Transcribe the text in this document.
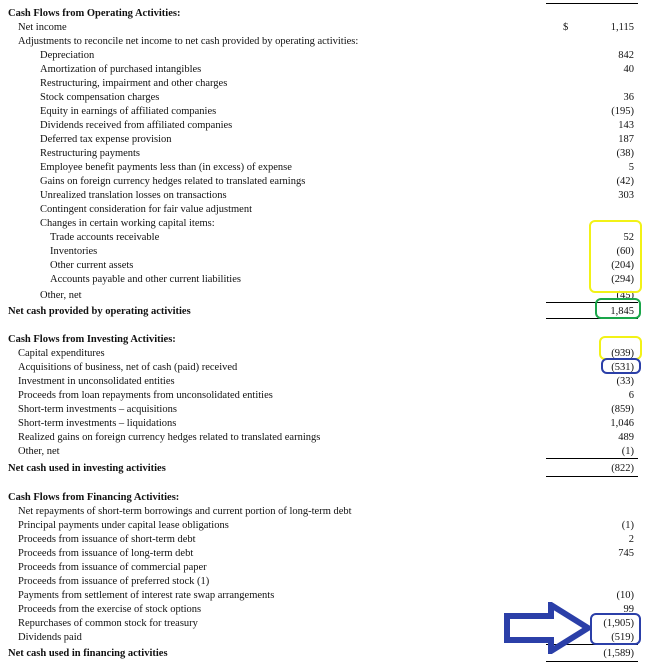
Cash Flows from Operating Activities:
Net income	$	1,115
Adjustments to reconcile net income to net cash provided by operating activities:
Depreciation	842
Amortization of purchased intangibles	40
Restructuring, impairment and other charges
Stock compensation charges	36
Equity in earnings of affiliated companies	(195)
Dividends received from affiliated companies	143
Deferred tax expense provision	187
Restructuring payments	(38)
Employee benefit payments less than (in excess) of expense	5
Gains on foreign currency hedges related to translated earnings	(42)
Unrealized translation losses on transactions	303
Contingent consideration for fair value adjustment
Changes in certain working capital items:
Trade accounts receivable	52
Inventories	(60)
Other current assets	(204)
Accounts payable and other current liabilities	(294)
Other, net	(45)
Net cash provided by operating activities	1,845
Cash Flows from Investing Activities:
Capital expenditures	(939)
Acquisitions of business, net of cash (paid) received	(531)
Investment in unconsolidated entities	(33)
Proceeds from loan repayments from unconsolidated entities	6
Short-term investments – acquisitions	(859)
Short-term investments – liquidations	1,046
Realized gains on foreign currency hedges related to translated earnings	489
Other, net	(1)
Net cash used in investing activities	(822)
Cash Flows from Financing Activities:
Net repayments of short-term borrowings and current portion of long-term debt
Principal payments under capital lease obligations	(1)
Proceeds from issuance of short-term debt	2
Proceeds from issuance of long-term debt	745
Proceeds from issuance of commercial paper
Proceeds from issuance of preferred stock (1)
Payments from settlement of interest rate swap arrangements	(10)
Proceeds from the exercise of stock options	99
Repurchases of common stock for treasury	(1,905)
Dividends paid	(519)
Net cash used in financing activities	(1,589)
